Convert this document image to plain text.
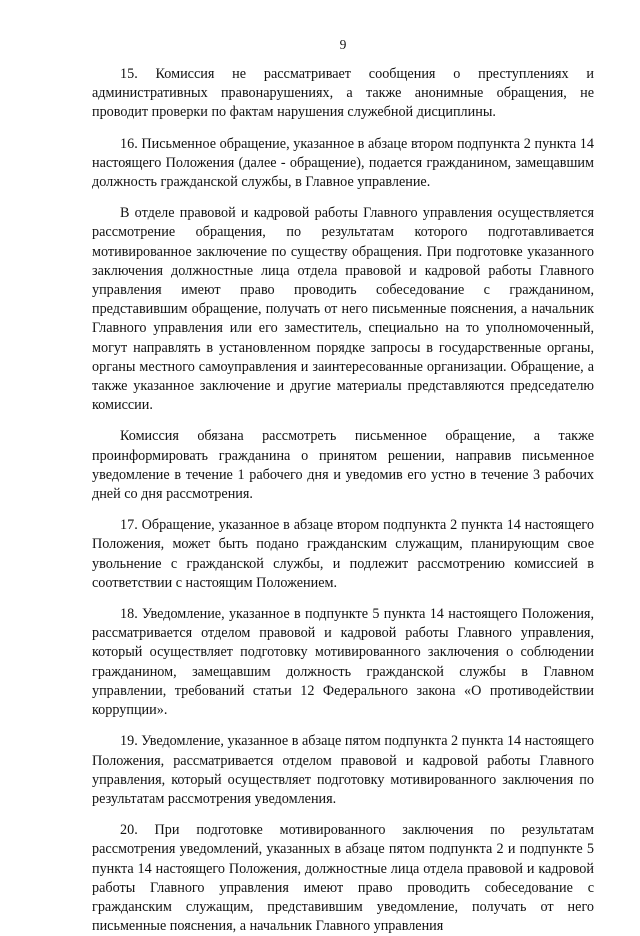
9

15. Комиссия не рассматривает сообщения о преступлениях и административных правонарушениях, а также анонимные обращения, не проводит проверки по фактам нарушения служебной дисциплины.

16. Письменное обращение, указанное в абзаце втором подпункта 2 пункта 14 настоящего Положения (далее - обращение), подается гражданином, замещавшим должность гражданской службы, в Главное управление.

В отделе правовой и кадровой работы Главного управления осуществляется рассмотрение обращения, по результатам которого подготавливается мотивированное заключение по существу обращения. При подготовке указанного заключения должностные лица отдела правовой и кадровой работы Главного управления имеют право проводить собеседование с гражданином, представившим обращение, получать от него письменные пояснения, а начальник Главного управления или его заместитель, специально на то уполномоченный, могут направлять в установленном порядке запросы в государственные органы, органы местного самоуправления и заинтересованные организации. Обращение, а также указанное заключение и другие материалы представляются председателю комиссии.

Комиссия обязана рассмотреть письменное обращение, а также проинформировать гражданина о принятом решении, направив письменное уведомление в течение 1 рабочего дня и уведомив его устно в течение 3 рабочих дней со дня рассмотрения.

17. Обращение, указанное в абзаце втором подпункта 2 пункта 14 настоящего Положения, может быть подано гражданским служащим, планирующим свое увольнение с гражданской службы, и подлежит рассмотрению комиссией в соответствии с настоящим Положением.

18. Уведомление, указанное в подпункте 5 пункта 14 настоящего Положения, рассматривается отделом правовой и кадровой работы Главного управления, который осуществляет подготовку мотивированного заключения о соблюдении гражданином, замещавшим должность гражданской службы в Главном управлении, требований статьи 12 Федерального закона «О противодействии коррупции».

19. Уведомление, указанное в абзаце пятом подпункта 2 пункта 14 настоящего Положения, рассматривается отделом правовой и кадровой работы Главного управления, который осуществляет подготовку мотивированного заключения по результатам рассмотрения уведомления.

20. При подготовке мотивированного заключения по результатам рассмотрения уведомлений, указанных в абзаце пятом подпункта 2 и подпункте 5 пункта 14 настоящего Положения, должностные лица отдела правовой и кадровой работы Главного управления имеют право проводить собеседование с гражданским служащим, представившим уведомление, получать от него письменные пояснения, а начальник Главного управления
